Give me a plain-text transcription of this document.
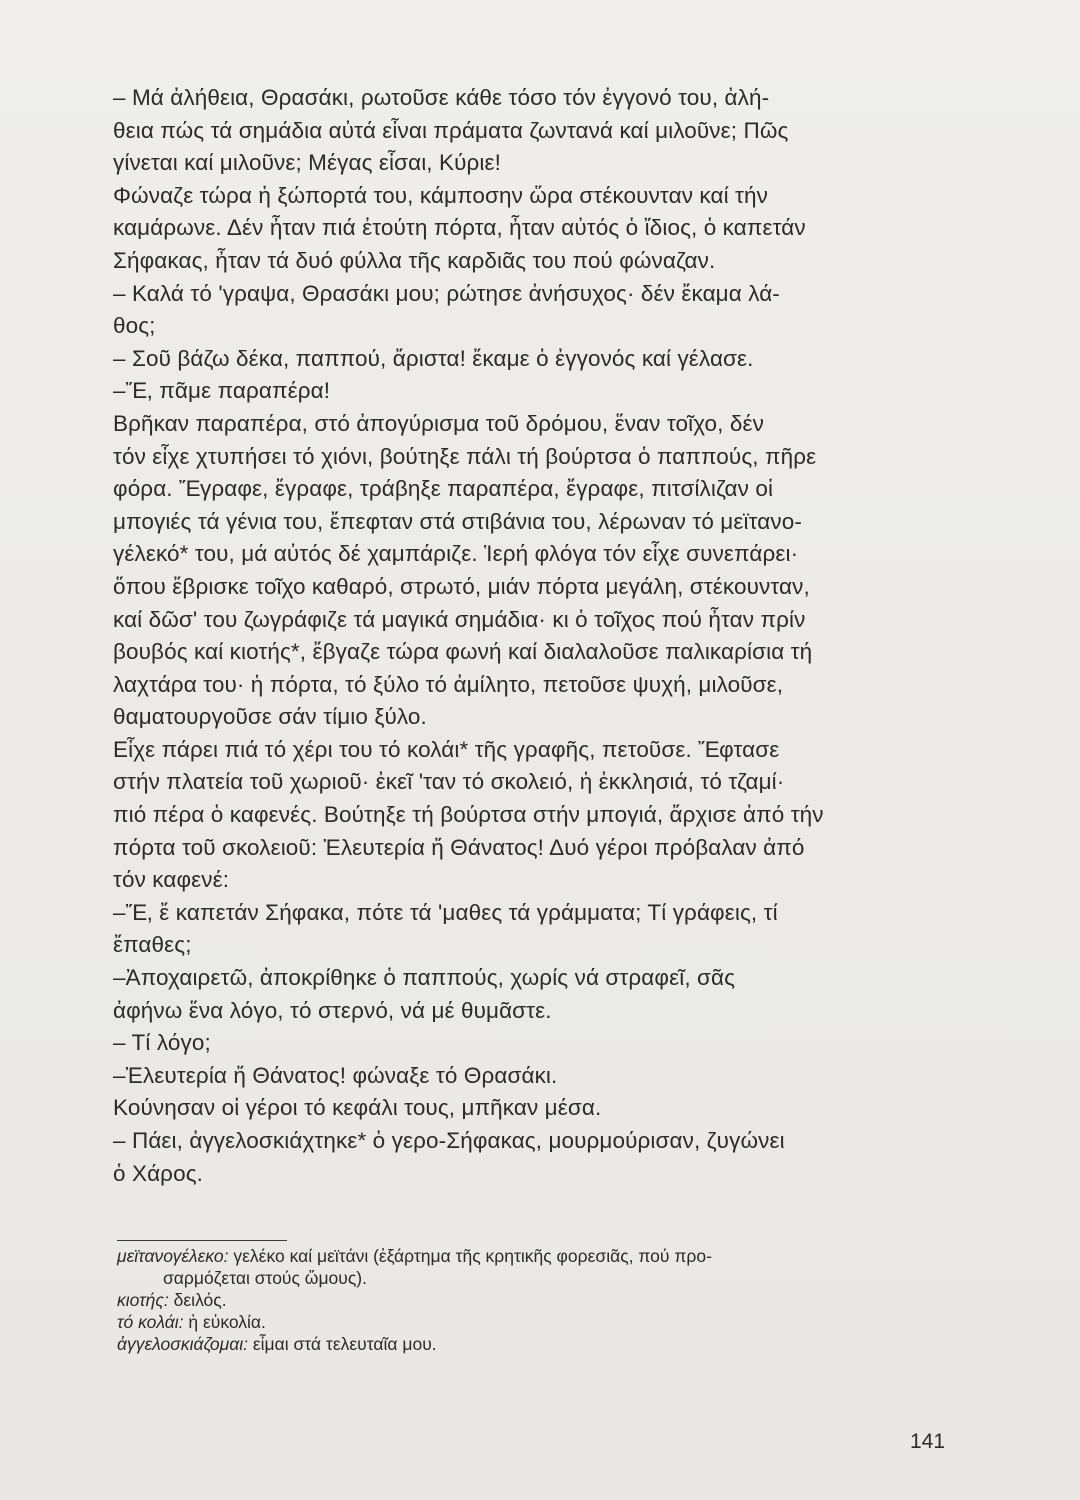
– Μά ἀλήθεια, Θρασάκι, ρωτοῦσε κάθε τόσο τόν ἐγγονό του, ἀλή-
θεια πώς τά σημάδια αὐτά εἶναι πράματα ζωντανά καί μιλοῦνε; Πῶς
γίνεται καί μιλοῦνε; Μέγας εἶσαι, Κύριε!
Φώναζε τώρα ἡ ξώπορτά του, κάμποσην ὥρα στέκουνταν καί τήν
καμάρωνε. Δέν ἦταν πιά ἐτούτη πόρτα, ἦταν αὐτός ὁ ἴδιος, ὁ καπετάν
Σήφακας, ἦταν τά δυό φύλλα τῆς καρδιᾶς του πού φώναζαν.
– Καλά τό 'γραψα, Θρασάκι μου; ρώτησε ἀνήσυχος· δέν ἔκαμα λά-
θος;
– Σοῦ βάζω δέκα, παππού, ἄριστα! ἔκαμε ὁ ἐγγονός καί γέλασε.
–Ἔ, πᾶμε παραπέρα!
Βρῆκαν παραπέρα, στό ἀπογύρισμα τοῦ δρόμου, ἕναν τοῖχο, δέν
τόν εἶχε χτυπήσει τό χιόνι, βούτηξε πάλι τή βούρτσα ὁ παππούς, πῆρε
φόρα. Ἔγραφε, ἔγραφε, τράβηξε παραπέρα, ἔγραφε, πιτσίλιζαν οἱ
μπογιές τά γένια του, ἔπεφταν στά στιβάνια του, λέρωναν τό μεϊτανο-
γέλεκό* του, μά αὐτός δέ χαμπάριζε. Ἱερή φλόγα τόν εἶχε συνεπάρει·
ὅπου ἔβρισκε τοῖχο καθαρό, στρωτό, μιάν πόρτα μεγάλη, στέκουνταν,
καί δῶσ' του ζωγράφιζε τά μαγικά σημάδια· κι ὁ τοῖχος πού ἦταν πρίν
βουβός καί κιοτής*, ἔβγαζε τώρα φωνή καί διαλαλοῦσε παλικαρίσια τή
λαχτάρα του· ἡ πόρτα, τό ξύλο τό ἀμίλητο, πετοῦσε ψυχή, μιλοῦσε,
θαματουργοῦσε σάν τίμιο ξύλο.
Εἶχε πάρει πιά τό χέρι του τό κολάι* τῆς γραφῆς, πετοῦσε. Ἔφτασε
στήν πλατεία τοῦ χωριοῦ· ἐκεῖ 'ταν τό σκολειό, ἡ ἐκκλησιά, τό τζαμί·
πιό πέρα ὁ καφενές. Βούτηξε τή βούρτσα στήν μπογιά, ἄρχισε ἀπό τήν
πόρτα τοῦ σκολειοῦ: Ἐλευτερία ἤ Θάνατος! Δυό γέροι πρόβαλαν ἀπό
τόν καφενέ:
–Ἔ, ἔ καπετάν Σήφακα, πότε τά 'μαθες τά γράμματα; Τί γράφεις, τί
ἔπαθες;
–Ἀποχαιρετῶ, ἀποκρίθηκε ὁ παππούς, χωρίς νά στραφεῖ, σᾶς
ἀφήνω ἕνα λόγο, τό στερνό, νά μέ θυμᾶστε.
– Τί λόγο;
–Ἐλευτερία ἤ Θάνατος! φώναξε τό Θρασάκι.
Κούνησαν οἱ γέροι τό κεφάλι τους, μπῆκαν μέσα.
– Πάει, ἀγγελοσκιάχτηκε* ὁ γερο-Σήφακας, μουρμούρισαν, ζυγώνει
ὁ Χάρος.
μεϊτανογέλεκο: γελέκο καί μεϊτάνι (ἐξάρτημα τῆς κρητικῆς φορεσιᾶς, πού προ-
σαρμόζεται στούς ὤμους).
κιοτής: δειλός.
τό κολάι: ἡ εὐκολία.
ἀγγελοσκιάζομαι: εἶμαι στά τελευταῖα μου.
141
